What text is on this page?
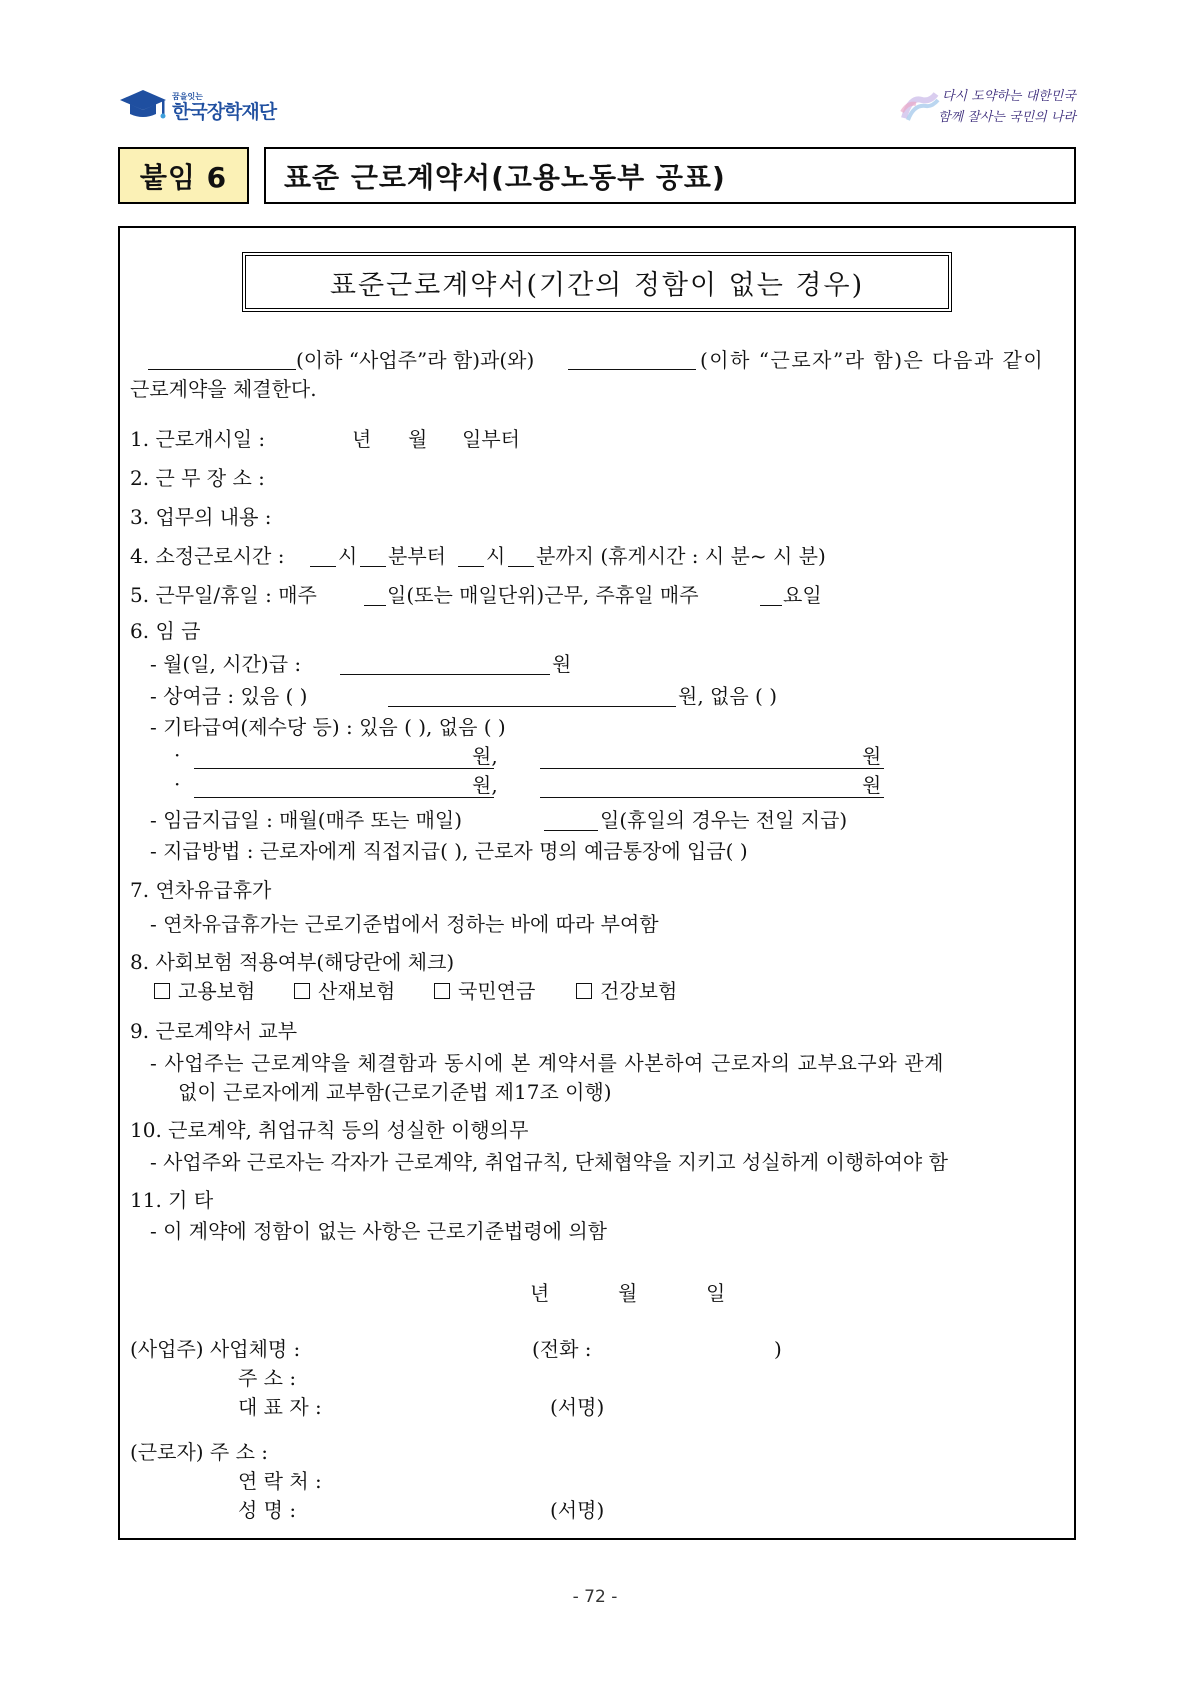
꿈을잇는
한국장학재단
다시 도약하는 대한민국
함께 잘사는 국민의 나라
붙임 6	표준 근로계약서(고용노동부 공표)
표준근로계약서(기간의 정함이 없는 경우)
(이하 “사업주”라 함)과(와)	(이하 “근로자”라 함)은 다음과 같이
근로계약을 체결한다.
1. 근로개시일 :	년 월 일부터
2. 근 무 장 소 :
3. 업무의 내용 :
4. 소정근로시간 :	시 분부터 시 분까지 (휴게시간 : 시 분~ 시 분)
5. 근무일/휴일 : 매주	일(또는 매일단위)근무, 주휴일 매주	요일
6. 임 금
- 월(일, 시간)급 :	원
- 상여금 : 있음 ( )	원, 없음 ( )
- 기타급여(제수당 등) : 있음 ( ), 없음 ( )
·	원,	원
·	원,	원
- 임금지급일 : 매월(매주 또는 매일)	일(휴일의 경우는 전일 지급)
- 지급방법 : 근로자에게 직접지급( ), 근로자 명의 예금통장에 입금( )
7. 연차유급휴가
- 연차유급휴가는 근로기준법에서 정하는 바에 따라 부여함
8. 사회보험 적용여부(해당란에 체크)
고용보험	산재보험	국민연금	건강보험
9. 근로계약서 교부
- 사업주는 근로계약을 체결함과 동시에 본 계약서를 사본하여 근로자의 교부요구와 관계
없이 근로자에게 교부함(근로기준법 제17조 이행)
10. 근로계약, 취업규칙 등의 성실한 이행의무
- 사업주와 근로자는 각자가 근로계약, 취업규칙, 단체협약을 지키고 성실하게 이행하여야 함
11. 기 타
- 이 계약에 정함이 없는 사항은 근로기준법령에 의함
년	월	일
(사업주) 사업체명 :	(전화 :	)
주 소 :
대 표 자 :	(서명)
(근로자) 주 소 :
연 락 처 :
성 명 :	(서명)
- 72 -
